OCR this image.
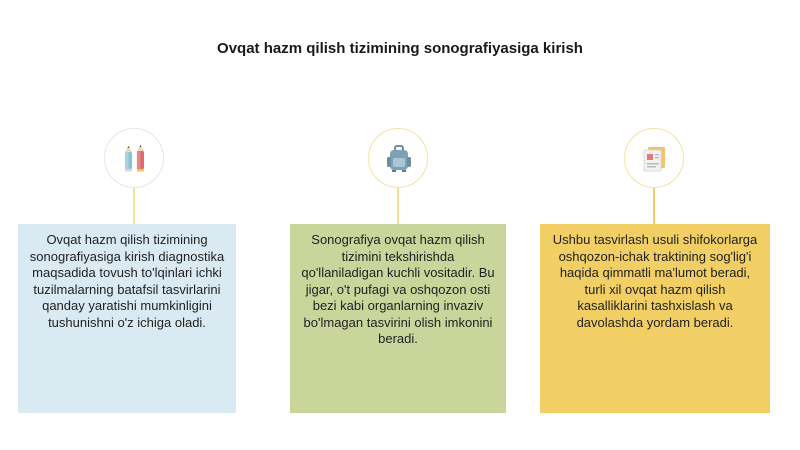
Ovqat hazm qilish tizimining sonografiyasiga kirish
Ovqat hazm qilish tizimining sonografiyasiga kirish diagnostika maqsadida tovush to'lqinlari ichki tuzilmalarning batafsil tasvirlarini qanday yaratishi mumkinligini tushunishni o'z ichiga oladi.
Sonografiya ovqat hazm qilish tizimini tekshirishda qo'llaniladigan kuchli vositadir. Bu jigar, o't pufagi va oshqozon osti bezi kabi organlarning invaziv bo'lmagan tasvirini olish imkonini beradi.
Ushbu tasvirlash usuli shifokorlarga oshqozon-ichak traktining sog'lig'i haqida qimmatli ma'lumot beradi, turli xil ovqat hazm qilish kasalliklarini tashxislash va davolashda yordam beradi.
